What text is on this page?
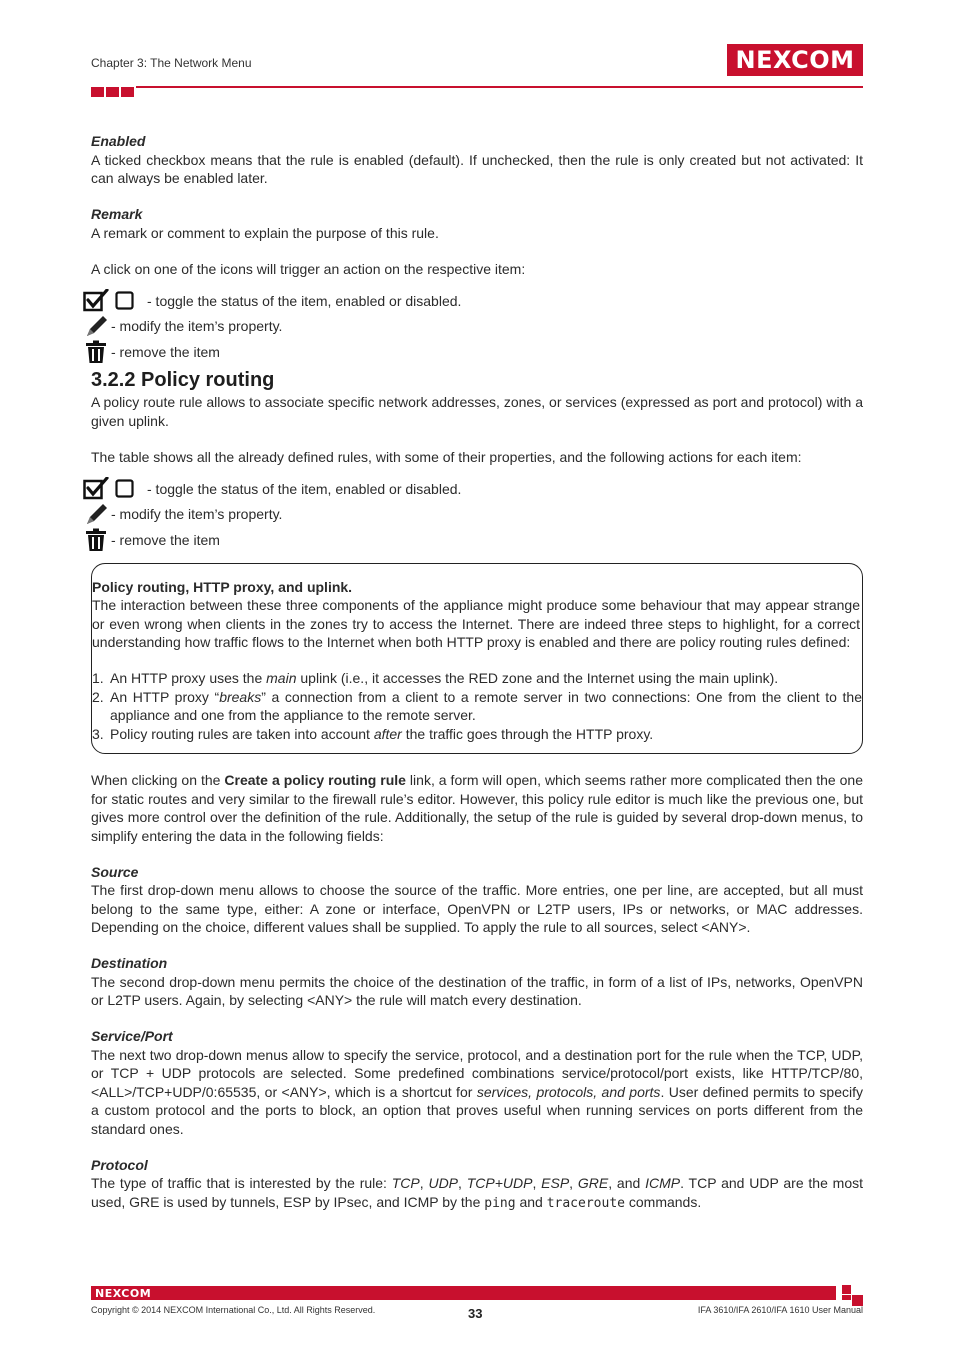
Chapter 3: The Network Menu	NEXCOM

Enabled

A ticked checkbox means that the rule is enabled (default). If unchecked, then the rule is only created but not activated: It can always be enabled later.

Remark

A remark or comment to explain the purpose of this rule.

A click on one of the icons will trigger an action on the respective item:

- toggle the status of the item, enabled or disabled.
- modify the item’s property.
- remove the item
3.2.2 Policy routing

A policy route rule allows to associate specific network addresses, zones, or services (expressed as port and protocol) with a given uplink.

The table shows all the already defined rules, with some of their properties, and the following actions for each item:

- toggle the status of the item, enabled or disabled.
- modify the item’s property.
- remove the item

Policy routing, HTTP proxy, and uplink.

The interaction between these three components of the appliance might produce some behaviour that may appear strange or even wrong when clients in the zones try to access the Internet. There are indeed three steps to highlight, for a correct understanding how traffic flows to the Internet when both HTTP proxy is enabled and there are policy routing rules defined:

1. An HTTP proxy uses the main uplink (i.e., it accesses the RED zone and the Internet using the main uplink).
2. An HTTP proxy “breaks” a connection from a client to a remote server in two connections: One from the client to the appliance and one from the appliance to the remote server.
3. Policy routing rules are taken into account after the traffic goes through the HTTP proxy.

When clicking on the Create a policy routing rule link, a form will open, which seems rather more complicated then the one for static routes and very similar to the firewall rule’s editor. However, this policy rule editor is much like the previous one, but gives more control over the definition of the rule. Additionally, the setup of the rule is guided by several drop-down menus, to simplify entering the data in the following fields:

Source

The first drop-down menu allows to choose the source of the traffic. More entries, one per line, are accepted, but all must belong to the same type, either: A zone or interface, OpenVPN or L2TP users, IPs or networks, or MAC addresses. Depending on the choice, different values shall be supplied. To apply the rule to all sources, select <ANY>.

Destination

The second drop-down menu permits the choice of the destination of the traffic, in form of a list of IPs, networks, OpenVPN or L2TP users. Again, by selecting <ANY> the rule will match every destination.

Service/Port

The next two drop-down menus allow to specify the service, protocol, and a destination port for the rule when the TCP, UDP, or TCP + UDP protocols are selected. Some predefined combinations service/protocol/port exists, like HTTP/TCP/80, <ALL>/TCP+UDP/0:65535, or <ANY>, which is a shortcut for services, protocols, and ports. User defined permits to specify a custom protocol and the ports to block, an option that proves useful when running services on ports different from the standard ones.

Protocol

The type of traffic that is interested by the rule: TCP, UDP, TCP+UDP, ESP, GRE, and ICMP. TCP and UDP are the most used, GRE is used by tunnels, ESP by IPsec, and ICMP by the ping and traceroute commands.

NEXCOM
Copyright © 2014 NEXCOM International Co., Ltd. All Rights Reserved.	33	IFA 3610/IFA 2610/IFA 1610 User Manual
